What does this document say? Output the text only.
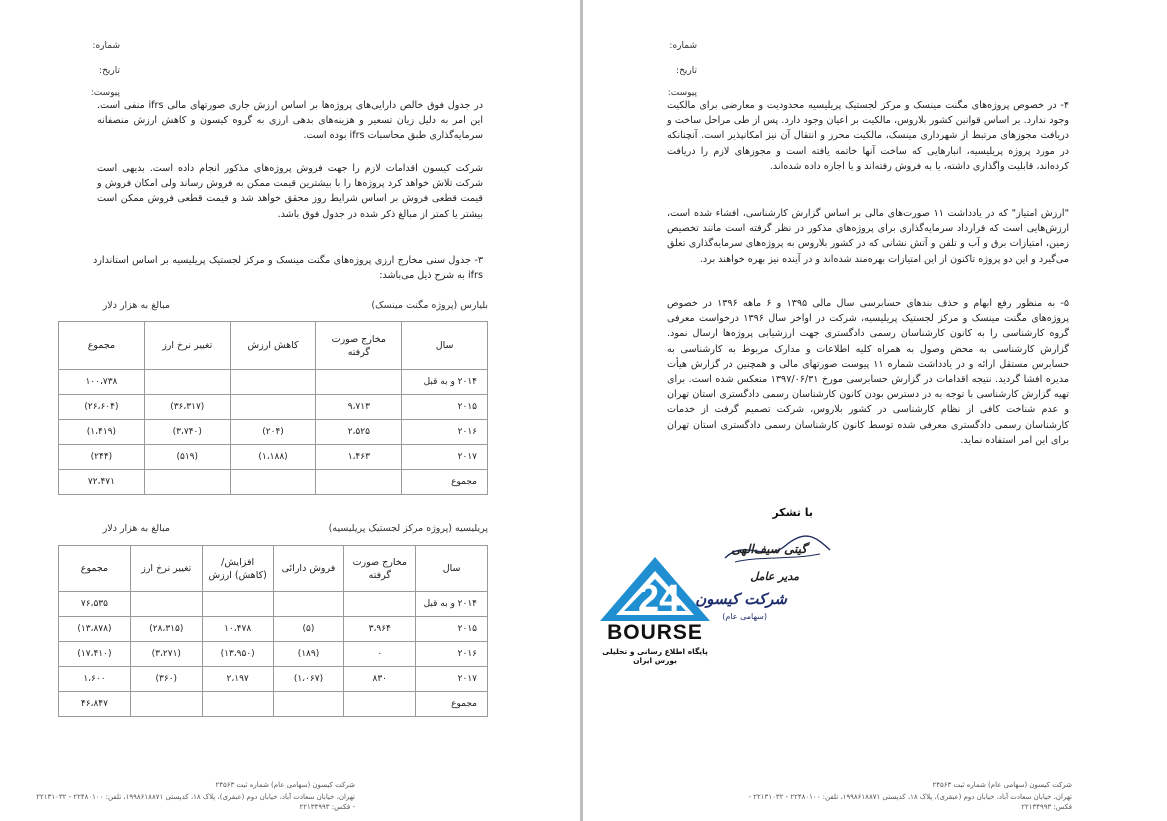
شماره:
تاریخ:
پیوست:
در جدول فوق خالص دارایی‌های پروژه‌ها بر اساس ارزش جاری صورتهای مالی ifrs منفی است. این امر به دلیل زیان تسعیر و هزینه‌های بدهی ارزی به گروه کیسون و کاهش ارزش منصفانه سرمایه‌گذاری طبق محاسبات ifrs بوده است.
شرکت کیسون اقدامات لازم را جهت فروش پروژه‌های مذکور انجام داده است. بدیهی است شرکت تلاش خواهد کرد پروژه‌ها را با بیشترین قیمت ممکن به فروش رساند ولی امکان فروش و قیمت قطعی فروش بر اساس شرایط روز محقق خواهد شد و قیمت قطعی فروش ممکن است بیشتر یا کمتر از مبالغ ذکر شده در جدول فوق باشد.
۳- جدول سنی مخارج ارزی پروژه‌های مگنت مینسک و مرکز لجستیک پریلیسیه بر اساس استاندارد ifrs به شرح ذیل می‌باشد:
بلیارس (پروژه مگنت مینسک)
مبالغ به هزار دلار
سال	مخارج صورت گرفته	کاهش ارزش	تغییر نرخ ارز	مجموع
۲۰۱۴ و به قبل				۱۰۰،۷۳۸
۲۰۱۵	۹،۷۱۳		(۳۶،۳۱۷)	(۲۶،۶۰۴)
۲۰۱۶	۲،۵۲۵	(۲۰۴)	(۳،۷۴۰)	(۱،۴۱۹)
۲۰۱۷	۱،۴۶۳	(۱،۱۸۸)	(۵۱۹)	(۲۴۴)
مجموع				۷۲،۴۷۱
پریلیسیه (پروژه مرکز لجستیک پریلیسیه)
مبالغ به هزار دلار
سال	مخارج صورت گرفته	فروش دارائی	افزایش/ (کاهش) ارزش	تغییر نرخ ارز	مجموع
۲۰۱۴ و به قبل					۷۶،۵۳۵
۲۰۱۵	۳،۹۶۴	(۵)	۱۰،۴۷۸	(۲۸،۳۱۵)	(۱۳،۸۷۸)
۲۰۱۶	۰	(۱۸۹)	(۱۳،۹۵۰)	(۳،۲۷۱)	(۱۷،۴۱۰)
۲۰۱۷	۸۳۰	(۱،۰۶۷)	۲،۱۹۷	(۳۶۰)	۱،۶۰۰
مجموع					۴۶،۸۴۷
شرکت کیسون (سهامی عام) شماره ثبت ۲۴۵۶۳
تهران، خیابان سعادت آباد، خیابان دوم (عبقری)، پلاک ۱۸، کدپستی ۱۹۹۸۶۱۸۸۷۱، تلفن: ۲۲۴۸۰۱۰۰ - ۲۲۱۳۱۰۳۲ - فکس: ۲۲۱۳۴۹۹۳
شماره:
تاریخ:
پیوست:
۴- در خصوص پروژه‌های مگنت مینسک و مرکز لجستیک پریلیسیه محدودیت و معارضی برای مالکیت وجود ندارد. بر اساس قوانین کشور بلاروس، مالکیت بر اعیان وجود دارد. پس از طی مراحل ساخت و دریافت مجوزهای مرتبط از شهرداری مینسک، مالکیت محرز و انتقال آن نیز امکانپذیر است. آنچنانکه در مورد پروژه پریلیسیه، انبارهایی که ساخت آنها خاتمه یافته است و مجوزهای لازم را دریافت کرده‌اند، قابلیت واگذاری داشته، یا به فروش رفته‌اند و یا اجاره داده شده‌اند.
"ارزش امتیاز" که در یادداشت ۱۱ صورت‌های مالی بر اساس گزارش کارشناسی، افشاء شده است، ارزش‌هایی است که قرارداد سرمایه‌گذاری برای پروژه‌های مذکور در نظر گرفته است مانند تخصیص زمین، امتیازات برق و آب و تلفن و آتش نشانی که در کشور بلاروس به پروژه‌های سرمایه‌گذاری تعلق می‌گیرد و این دو پروژه تاکنون از این امتیازات بهره‌مند شده‌اند و در آینده نیز بهره خواهند برد.
۵- به منظور رفع ابهام و حذف بندهای حسابرسی سال مالی ۱۳۹۵ و ۶ ماهه ۱۳۹۶ در خصوص پروژه‌های مگنت مینسک و مرکز لجستیک پریلیسیه، شرکت در اواخر سال ۱۳۹۶ درخواست معرفی گروه کارشناسی را به کانون کارشناسان رسمی دادگستری جهت ارزشیابی پروژه‌ها ارسال نمود. گزارش کارشناسی به محض وصول به همراه کلیه اطلاعات و مدارک مربوط به کارشناسی به حسابرس مستقل ارائه و در یادداشت شماره ۱۱ پیوست صورتهای مالی و همچنین در گزارش هیأت مدیره افشا گردید. نتیجه اقدامات در گزارش حسابرسی مورخ ۱۳۹۷/۰۶/۳۱ منعکس شده است. برای تهیه گزارش کارشناسی با توجه به در دسترس بودن کانون کارشناسان رسمی دادگستری استان تهران و عدم شناخت کافی از نظام کارشناسی در کشور بلاروس، شرکت تصمیم گرفت از خدمات کارشناسان رسمی دادگستری معرفی شده توسط کانون کارشناسان رسمی دادگستری استان تهران برای این امر استفاده نماید.
با تشکر
گیتی سیف‌الهی
مدیر عامل
شرکت کیسون
(سهامی عام)
شرکت کیسون (سهامی عام) شماره ثبت ۲۴۵۶۳
تهران، خیابان سعادت آباد، خیابان دوم (عبقری)، پلاک ۱۸، کدپستی ۱۹۹۸۶۱۸۸۷۱، تلفن: ۲۲۴۸۰۱۰۰ - ۲۲۱۳۱۰۳۲ - فکس: ۲۲۱۳۴۹۹۳
24
BOURSE
پایگاه اطلاع رسانی و تحلیلی بورس ایران
